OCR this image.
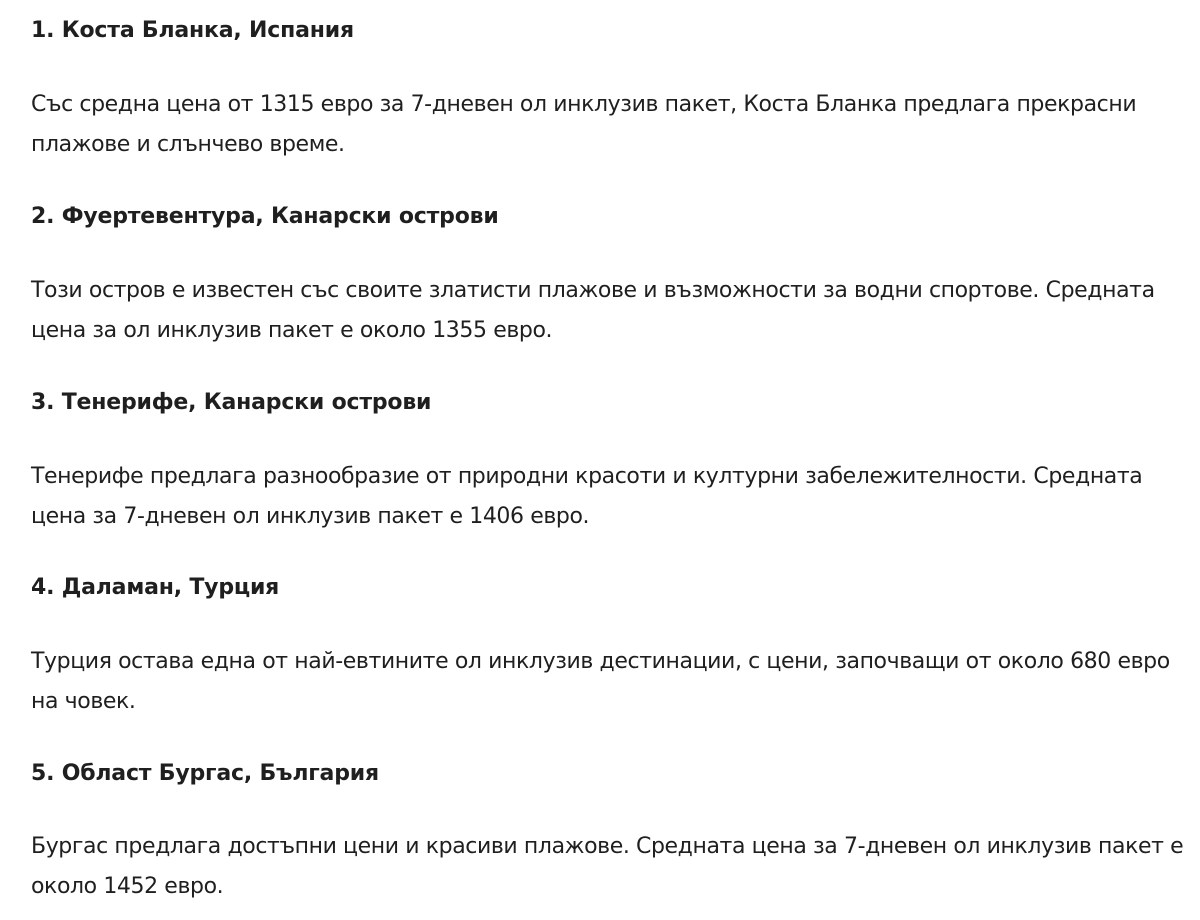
1. Коста Бланка, Испания

Със средна цена от 1315 евро за 7-дневен ол инклузив пакет, Коста Бланка предлага прекрасни плажове и слънчево време.

2. Фуертевентура, Канарски острови

Този остров е известен със своите златисти плажове и възможности за водни спортове. Средната цена за ол инклузив пакет е около 1355 евро.

3. Тенерифе, Канарски острови

Тенерифе предлага разнообразие от природни красоти и културни забележителности. Средната цена за 7-дневен ол инклузив пакет е 1406 евро.

4. Даламан, Турция

Турция остава една от най-евтините ол инклузив дестинации, с цени, започващи от около 680 евро на човек.

5. Област Бургас, България

Бургас предлага достъпни цени и красиви плажове. Средната цена за 7-дневен ол инклузив пакет е около 1452 евро.
